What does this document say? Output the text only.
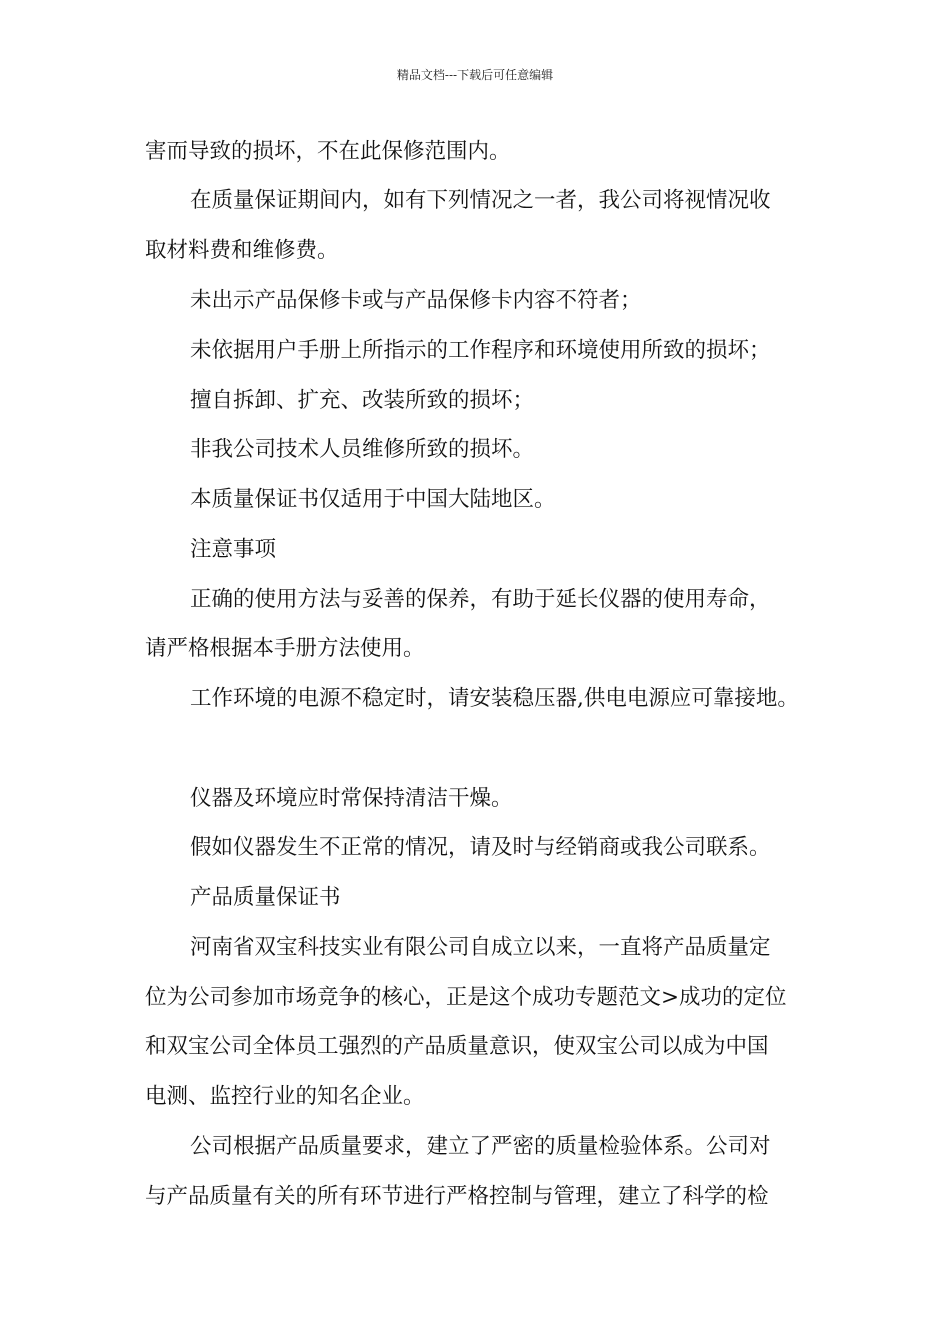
精品文档---下载后可任意编辑
害而导致的损坏，不在此保修范围内。
在质量保证期间内，如有下列情况之一者，我公司将视情况收
取材料费和维修费。
未出示产品保修卡或与产品保修卡内容不符者；
未依据用户手册上所指示的工作程序和环境使用所致的损坏；
擅自拆卸、扩充、改装所致的损坏；
非我公司技术人员维修所致的损坏。
本质量保证书仅适用于中国大陆地区。
注意事项
正确的使用方法与妥善的保养，有助于延长仪器的使用寿命，
请严格根据本手册方法使用。
工作环境的电源不稳定时，请安装稳压器,供电电源应可靠接地。
仪器及环境应时常保持清洁干燥。
假如仪器发生不正常的情况，请及时与经销商或我公司联系。
产品质量保证书
河南省双宝科技实业有限公司自成立以来，一直将产品质量定
位为公司参加市场竞争的核心，正是这个成功专题范文>成功的定位
和双宝公司全体员工强烈的产品质量意识，使双宝公司以成为中国
电测、监控行业的知名企业。
公司根据产品质量要求，建立了严密的质量检验体系。公司对
与产品质量有关的所有环节进行严格控制与管理，建立了科学的检
